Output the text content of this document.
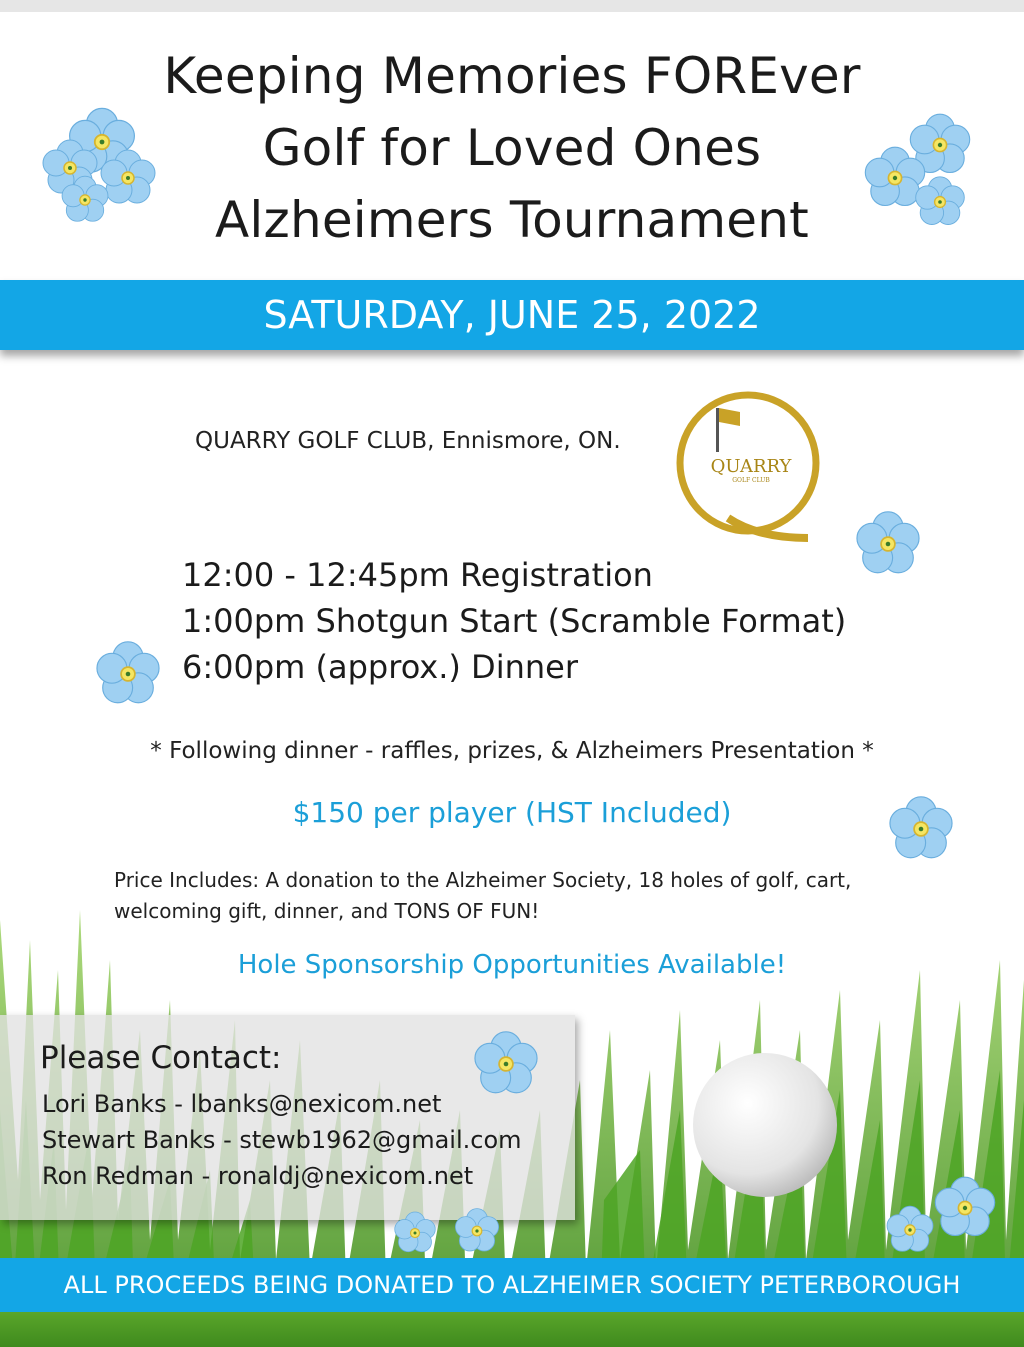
Keeping Memories FOREver
Golf for Loved Ones
Alzheimers Tournament
SATURDAY, JUNE 25, 2022
QUARRY GOLF CLUB, Ennismore, ON.
QUARRY
GOLF CLUB
12:00 - 12:45pm Registration
1:00pm Shotgun Start (Scramble Format)
6:00pm (approx.) Dinner
* Following dinner - raffles, prizes, & Alzheimers Presentation *
$150 per player (HST Included)
Price Includes: A donation to the Alzheimer Society, 18 holes of golf, cart, welcoming gift, dinner, and TONS OF FUN!
Hole Sponsorship Opportunities Available!
Please Contact:
Lori Banks - lbanks@nexicom.net
Stewart Banks - stewb1962@gmail.com
Ron Redman - ronaldj@nexicom.net
ALL PROCEEDS BEING DONATED TO ALZHEIMER SOCIETY PETERBOROUGH
